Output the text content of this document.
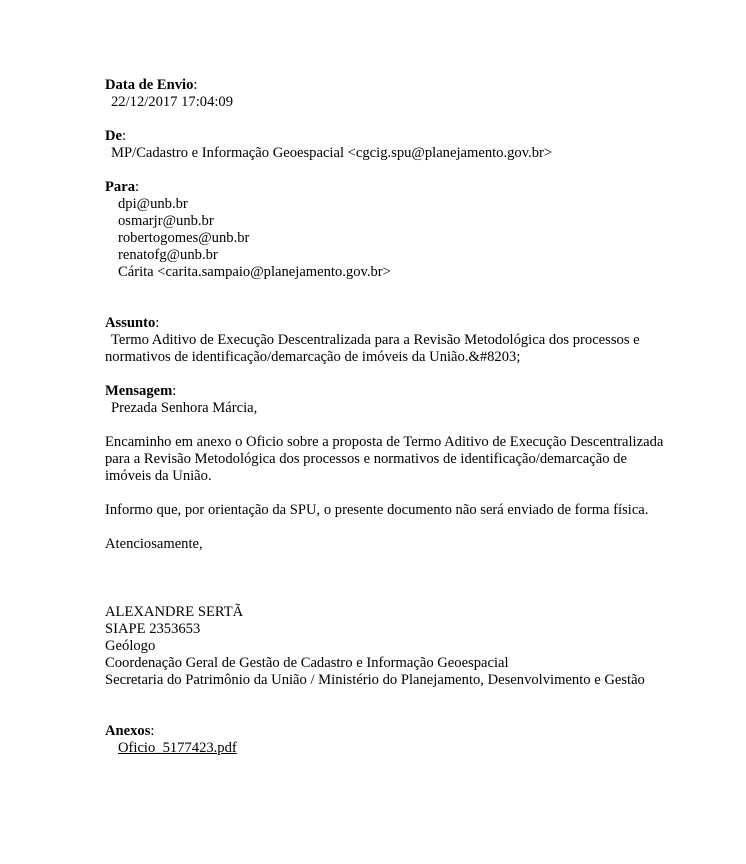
Data de Envio:
22/12/2017 17:04:09
De:
MP/Cadastro e Informação Geoespacial <cgcig.spu@planejamento.gov.br>
Para:
dpi@unb.br
osmarjr@unb.br
robertogomes@unb.br
renatofg@unb.br
Cárita <carita.sampaio@planejamento.gov.br>
Assunto:
Termo Aditivo de Execução Descentralizada para a Revisão Metodológica dos processos e
normativos de identificação/demarcação de imóveis da União.&#8203;
Mensagem:
Prezada Senhora Márcia,
Encaminho em anexo o Oficio sobre a proposta de Termo Aditivo de Execução Descentralizada
para a Revisão Metodológica dos processos e normativos de identificação/demarcação de
imóveis da União.
Informo que, por orientação da SPU, o presente documento não será enviado de forma física.
Atenciosamente,
ALEXANDRE SERTÃ
SIAPE 2353653
Geólogo
Coordenação Geral de Gestão de Cadastro e Informação Geoespacial
Secretaria do Patrimônio da União / Ministério do Planejamento, Desenvolvimento e Gestão
Anexos:
Oficio_5177423.pdf
